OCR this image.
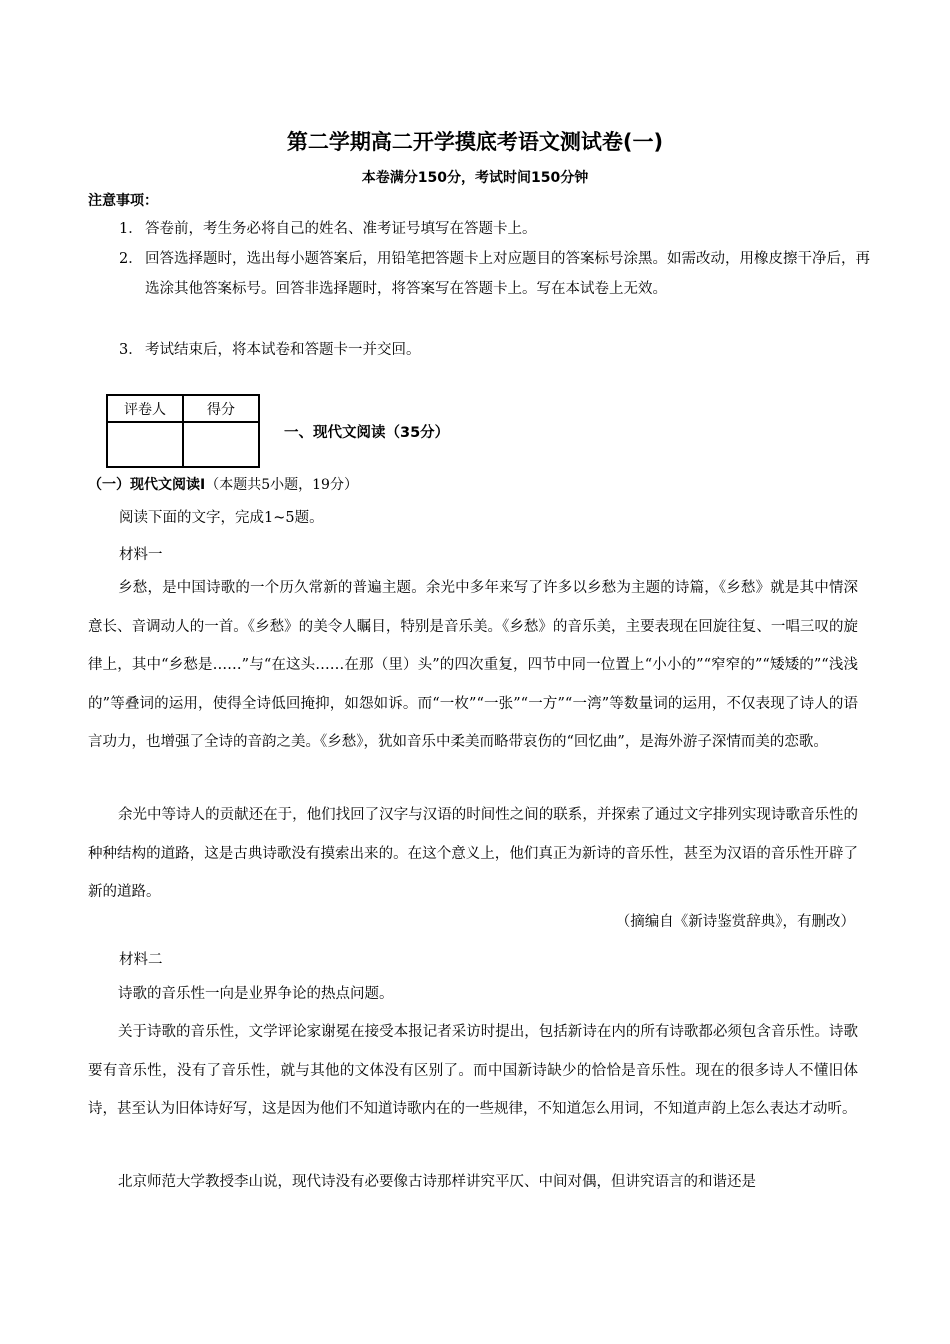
第二学期高二开学摸底考语文测试卷(一)
本卷满分150分，考试时间150分钟
注意事项：
1． 答卷前，考生务必将自己的姓名、准考证号填写在答题卡上。
2． 回答选择题时，选出每小题答案后，用铅笔把答题卡上对应题目的答案标号涂黑。如需改动，用橡皮擦干净后，再选涂其他答案标号。回答非选择题时，将答案写在答题卡上。写在本试卷上无效。
3． 考试结束后，将本试卷和答题卡一并交回。
评卷人	得分

一、现代文阅读（35分）
（一）现代文阅读I（本题共5小题，19分）
阅读下面的文字，完成1~5题。
材料一
乡愁，是中国诗歌的一个历久常新的普遍主题。余光中多年来写了许多以乡愁为主题的诗篇，《乡愁》就是其中情深意长、音调动人的一首。《乡愁》的美令人瞩目，特别是音乐美。《乡愁》的音乐美，主要表现在回旋往复、一唱三叹的旋律上，其中“乡愁是……”与“在这头……在那（里）头”的四次重复，四节中同一位置上“小小的”“窄窄的”“矮矮的”“浅浅的”等叠词的运用，使得全诗低回掩抑，如怨如诉。而“一枚”“一张”“一方”“一湾”等数量词的运用，不仅表现了诗人的语言功力，也增强了全诗的音韵之美。《乡愁》，犹如音乐中柔美而略带哀伤的“回忆曲”，是海外游子深情而美的恋歌。
余光中等诗人的贡献还在于，他们找回了汉字与汉语的时间性之间的联系，并探索了通过文字排列实现诗歌音乐性的种种结构的道路，这是古典诗歌没有摸索出来的。在这个意义上，他们真正为新诗的音乐性，甚至为汉语的音乐性开辟了新的道路。
（摘编自《新诗鉴赏辞典》，有删改）
材料二
诗歌的音乐性一向是业界争论的热点问题。
关于诗歌的音乐性，文学评论家谢冕在接受本报记者采访时提出，包括新诗在内的所有诗歌都必须包含音乐性。诗歌要有音乐性，没有了音乐性，就与其他的文体没有区别了。而中国新诗缺少的恰恰是音乐性。现在的很多诗人不懂旧体诗，甚至认为旧体诗好写，这是因为他们不知道诗歌内在的一些规律，不知道怎么用词，不知道声韵上怎么表达才动听。
北京师范大学教授李山说，现代诗没有必要像古诗那样讲究平仄、中间对偶，但讲究语言的和谐还是
